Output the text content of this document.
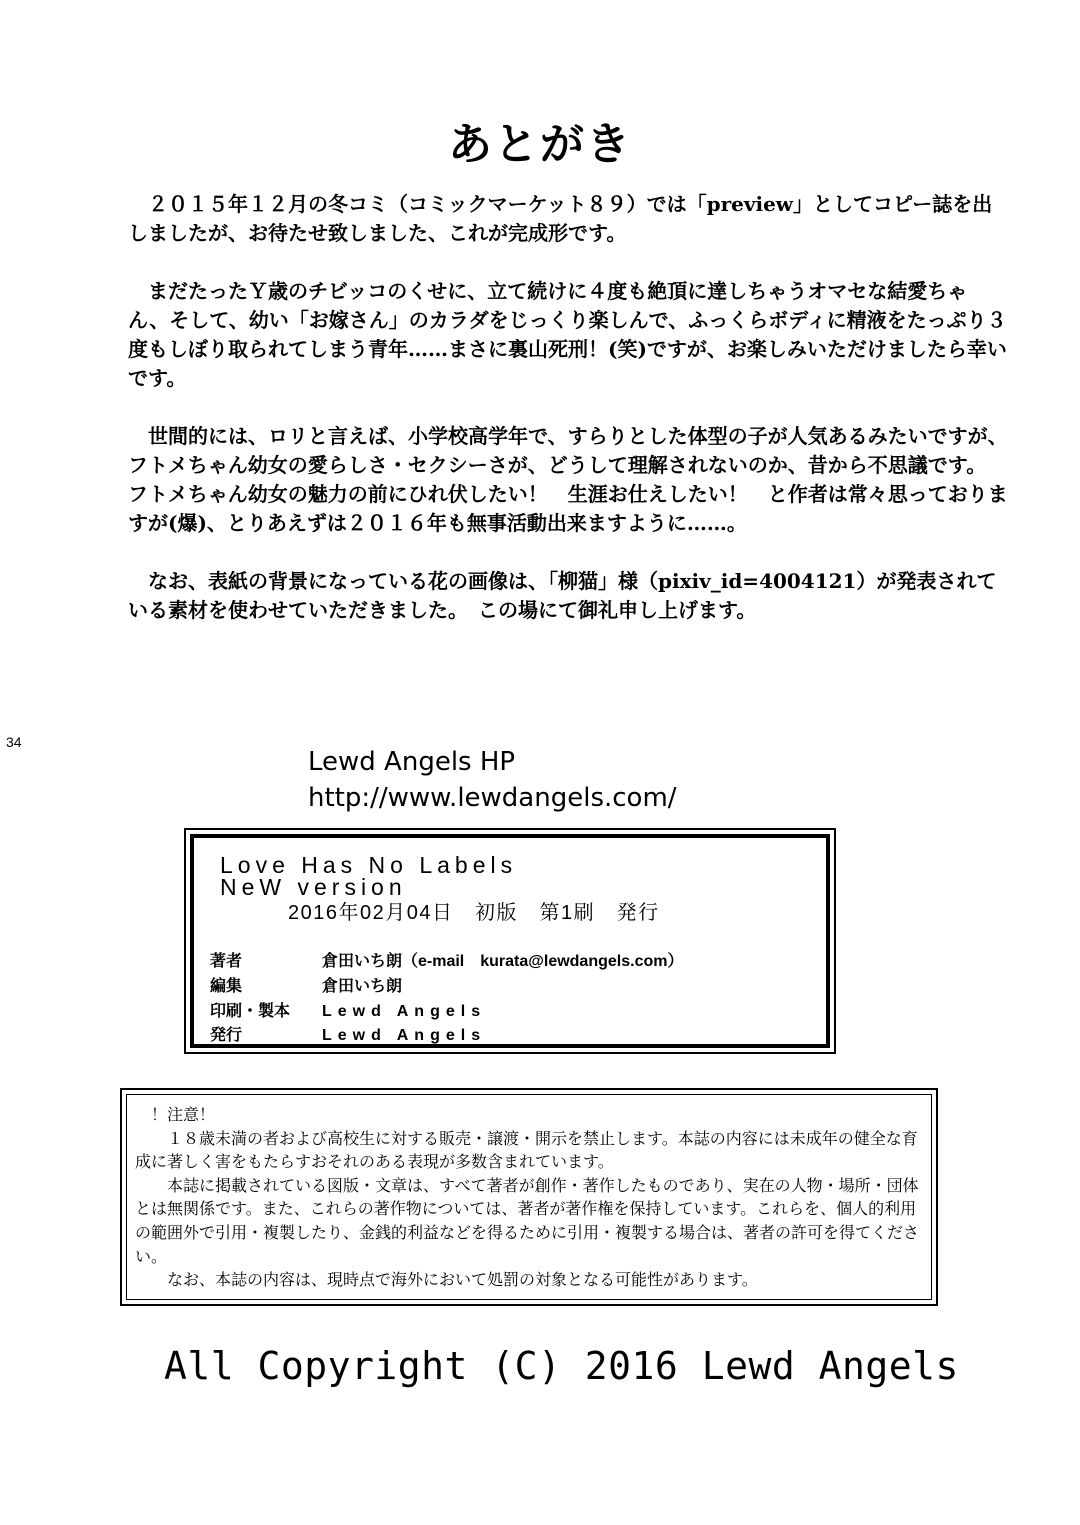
あとがき

２０１５年１２月の冬コミ（コミックマーケット８９）では「preview」としてコピー誌を出しましたが、お待たせ致しました、これが完成形です。

まだたったＹ歳のチビッコのくせに、立て続けに４度も絶頂に達しちゃうオマセな結愛ちゃん、そして、幼い「お嫁さん」のカラダをじっくり楽しんで、ふっくらボディに精液をたっぷり３度もしぼり取られてしまう青年……まさに裏山死刑！(笑)ですが、お楽しみいただけましたら幸いです。

世間的には、ロリと言えば、小学校高学年で、すらりとした体型の子が人気あるみたいですが、フトメちゃん幼女の愛らしさ・セクシーさが、どうして理解されないのか、昔から不思議です。　フトメちゃん幼女の魅力の前にひれ伏したい！　生涯お仕えしたい！　と作者は常々思っておりますが(爆)、とりあえずは２０１６年も無事活動出来ますように……。

なお、表紙の背景になっている花の画像は、「柳猫」様（pixiv_id=4004121）が発表されている素材を使わせていただきました。　この場にて御礼申し上げます。

34
Lewd Angels HP
http://www.lewdangels.com/
Love Has No Labels
NeW version
2016年02月04日　初版　第1刷　発行
著者	倉田いち朗（e-mail　kurata@lewdangels.com）
編集	倉田いち朗
印刷・製本 Lewd Angels
発行	Lewd Angels

！注意！

１８歳未満の者および高校生に対する販売・譲渡・開示を禁止します。本誌の内容には未成年の健全な育成に著しく害をもたらすおそれのある表現が多数含まれています。

本誌に掲載されている図版・文章は、すべて著者が創作・著作したものであり、実在の人物・場所・団体とは無関係です。また、これらの著作物については、著者が著作権を保持しています。これらを、個人的利用の範囲外で引用・複製したり、金銭的利益などを得るために引用・複製する場合は、著者の許可を得てください。

なお、本誌の内容は、現時点で海外において処罰の対象となる可能性があります。

All Copyright (C) 2016 Lewd Angels
